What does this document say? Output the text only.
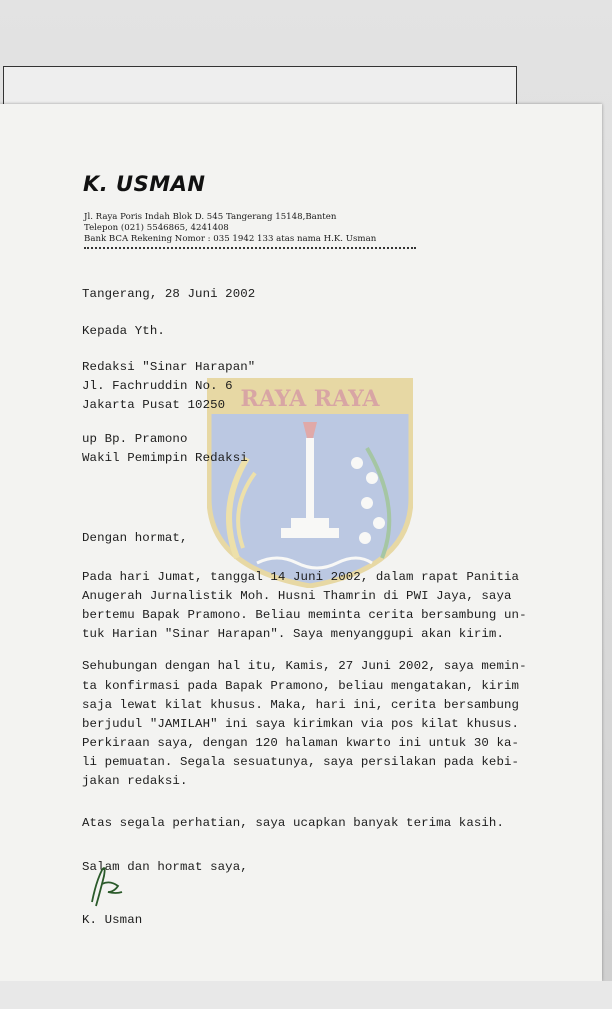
RAYA RAYA
K. USMAN
Jl. Raya Poris Indah Blok D. 545 Tangerang 15148,Banten
Telepon (021) 5546865, 4241408
Bank BCA Rekening Nomor : 035 1942 133 atas nama H.K. Usman
Tangerang, 28 Juni 2002
Kepada Yth.
Redaksi "Sinar Harapan"
Jl. Fachruddin No. 6
Jakarta Pusat 10250
up Bp. Pramono
Wakil Pemimpin Redaksi
Dengan hormat,
Pada hari Jumat, tanggal 14 Juni 2002, dalam rapat Panitia
Anugerah Jurnalistik Moh. Husni Thamrin di PWI Jaya, saya
bertemu Bapak Pramono. Beliau meminta cerita bersambung un-
tuk Harian "Sinar Harapan". Saya menyanggupi akan kirim.
Sehubungan dengan hal itu, Kamis, 27 Juni 2002, saya memin-
ta konfirmasi pada Bapak Pramono, beliau mengatakan, kirim
saja lewat kilat khusus. Maka, hari ini, cerita bersambung
berjudul "JAMILAH" ini saya kirimkan via pos kilat khusus.
Perkiraan saya, dengan 120 halaman kwarto ini untuk 30 ka-
li pemuatan. Segala sesuatunya, saya persilakan pada kebi-
jakan redaksi.
Atas segala perhatian, saya ucapkan banyak terima kasih.
Salam dan hormat saya,
K. Usman
